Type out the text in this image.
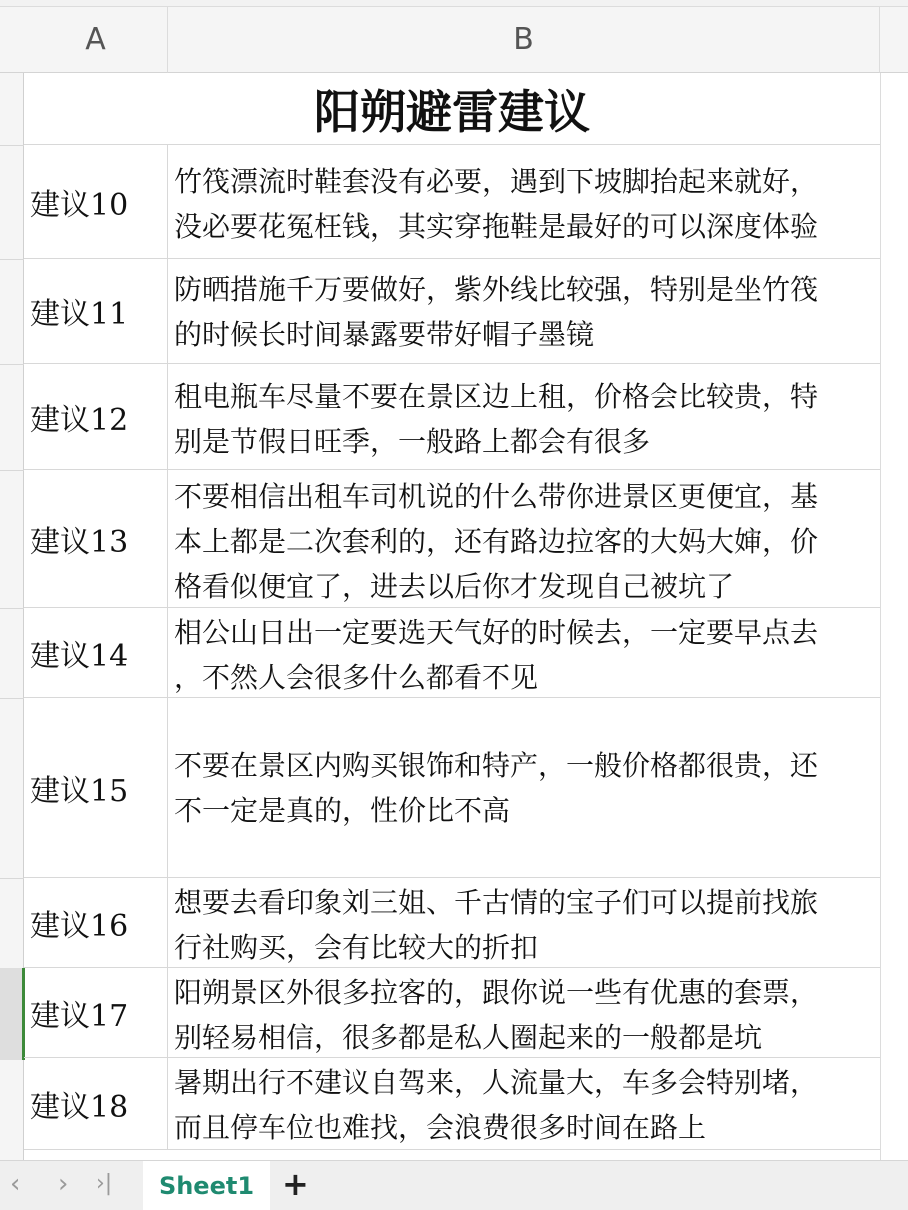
A	B
阳朔避雷建议
建议10
竹筏漂流时鞋套没有必要，遇到下坡脚抬起来就好，
没必要花冤枉钱，其实穿拖鞋是最好的可以深度体验
建议11
防晒措施千万要做好，紫外线比较强，特别是坐竹筏
的时候长时间暴露要带好帽子墨镜
建议12
租电瓶车尽量不要在景区边上租，价格会比较贵，特
别是节假日旺季，一般路上都会有很多
建议13
不要相信出租车司机说的什么带你进景区更便宜，基
本上都是二次套利的，还有路边拉客的大妈大婶，价
格看似便宜了，进去以后你才发现自己被坑了
建议14
相公山日出一定要选天气好的时候去，一定要早点去
，不然人会很多什么都看不见
建议15
不要在景区内购买银饰和特产，一般价格都很贵，还
不一定是真的，性价比不高
建议16
想要去看印象刘三姐、千古情的宝子们可以提前找旅
行社购买，会有比较大的折扣
建议17
阳朔景区外很多拉客的，跟你说一些有优惠的套票，
别轻易相信，很多都是私人圈起来的一般都是坑
建议18
暑期出行不建议自驾来，人流量大，车多会特别堵，
而且停车位也难找，会浪费很多时间在路上
‹ › ›| Sheet1 +
